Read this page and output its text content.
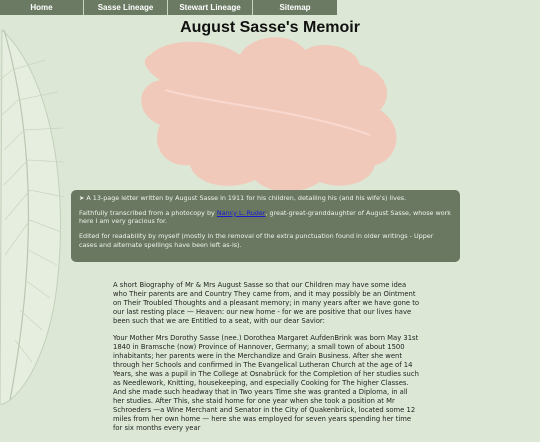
Home	Sasse Lineage	Stewart Lineage	Sitemap
August Sasse's Memoir

➤ A 13-page letter written by August Sasse in 1911 for his children, detailing his (and his wife's) lives.

Faithfully transcribed from a photocopy by Nancy L. Ruder, great-great-granddaughter of August Sasse, whose work here I am very gracious for.

Edited for readability by myself (mostly in the removal of the extra punctuation found in older writings - Upper cases and alternate spellings have been left as-is).

A short Biography of Mr & Mrs August Sasse so that our Children may have some idea who Their parents are and Country They came from, and it may possibly be an Ointment on Their Troubled Thoughts and a pleasant memory; in many years after we have gone to our last resting place — Heaven: our new home - for we are positive that our lives have been such that we are Entitled to a seat, with our dear Savior:

Your Mother Mrs Dorothy Sasse (nee.) Dorothea Margaret AufdenBrink was born May 31st 1840 in Bramsche (now) Province of Hannover, Germany; a small town of about 1500 inhabitants; her parents were in the Merchandize and Grain Business. After she went through her Schools and confirmed in The Evangelical Lutheran Church at the age of 14 Years, she was a pupil in The College at Osnabrück for the Completion of her studies such as Needlework, Knitting, housekeeping, and especially Cooking for The higher Classes. And she made such headway that in Two years Time she was granted a Diploma, in all her studies. After This, she staid home for one year when she took a position at Mr Schroeders —a Wine Merchant and Senator in the City of Quakenbrück, located some 12 miles from her own home — here she was employed for seven years spending her time for six months every year
